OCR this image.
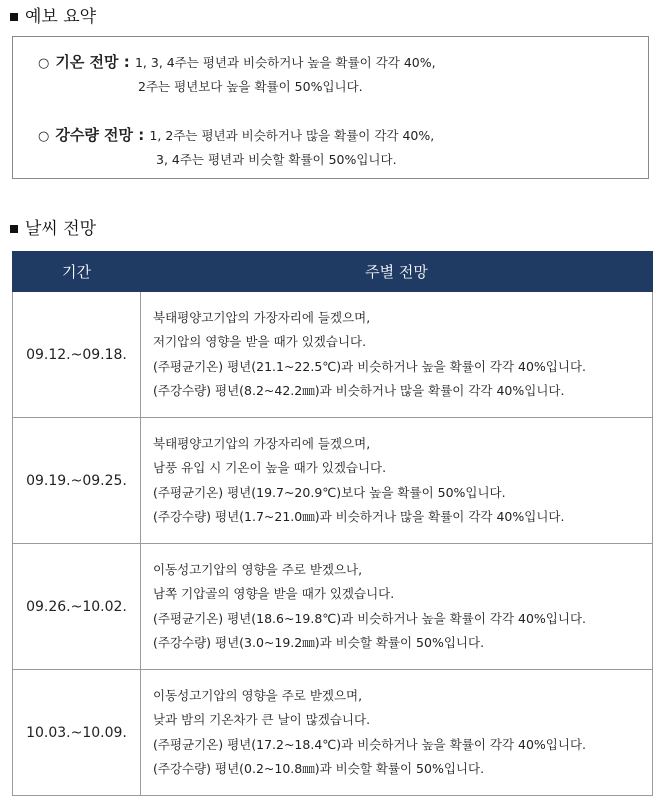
예보 요약
○ 기온 전망 : 1, 3, 4주는 평년과 비슷하거나 높을 확률이 각각 40%,
2주는 평년보다 높을 확률이 50%입니다.
○ 강수량 전망 : 1, 2주는 평년과 비슷하거나 많을 확률이 각각 40%,
3, 4주는 평년과 비슷할 확률이 50%입니다.
날씨 전망
기간	주별 전망
09.12.~09.18.	북태평양고기압의 가장자리에 들겠으며,
저기압의 영향을 받을 때가 있겠습니다.
(주평균기온) 평년(21.1~22.5℃)과 비슷하거나 높을 확률이 각각 40%입니다.
(주강수량) 평년(8.2~42.2㎜)과 비슷하거나 많을 확률이 각각 40%입니다.

09.19.~09.25.	북태평양고기압의 가장자리에 들겠으며,
남풍 유입 시 기온이 높을 때가 있겠습니다.
(주평균기온) 평년(19.7~20.9℃)보다 높을 확률이 50%입니다.
(주강수량) 평년(1.7~21.0㎜)과 비슷하거나 많을 확률이 각각 40%입니다.

09.26.~10.02.	이동성고기압의 영향을 주로 받겠으나,
남쪽 기압골의 영향을 받을 때가 있겠습니다.
(주평균기온) 평년(18.6~19.8℃)과 비슷하거나 높을 확률이 각각 40%입니다.
(주강수량) 평년(3.0~19.2㎜)과 비슷할 확률이 50%입니다.

10.03.~10.09.	이동성고기압의 영향을 주로 받겠으며,
낮과 밤의 기온차가 큰 날이 많겠습니다.
(주평균기온) 평년(17.2~18.4℃)과 비슷하거나 높을 확률이 각각 40%입니다.
(주강수량) 평년(0.2~10.8㎜)과 비슷할 확률이 50%입니다.
